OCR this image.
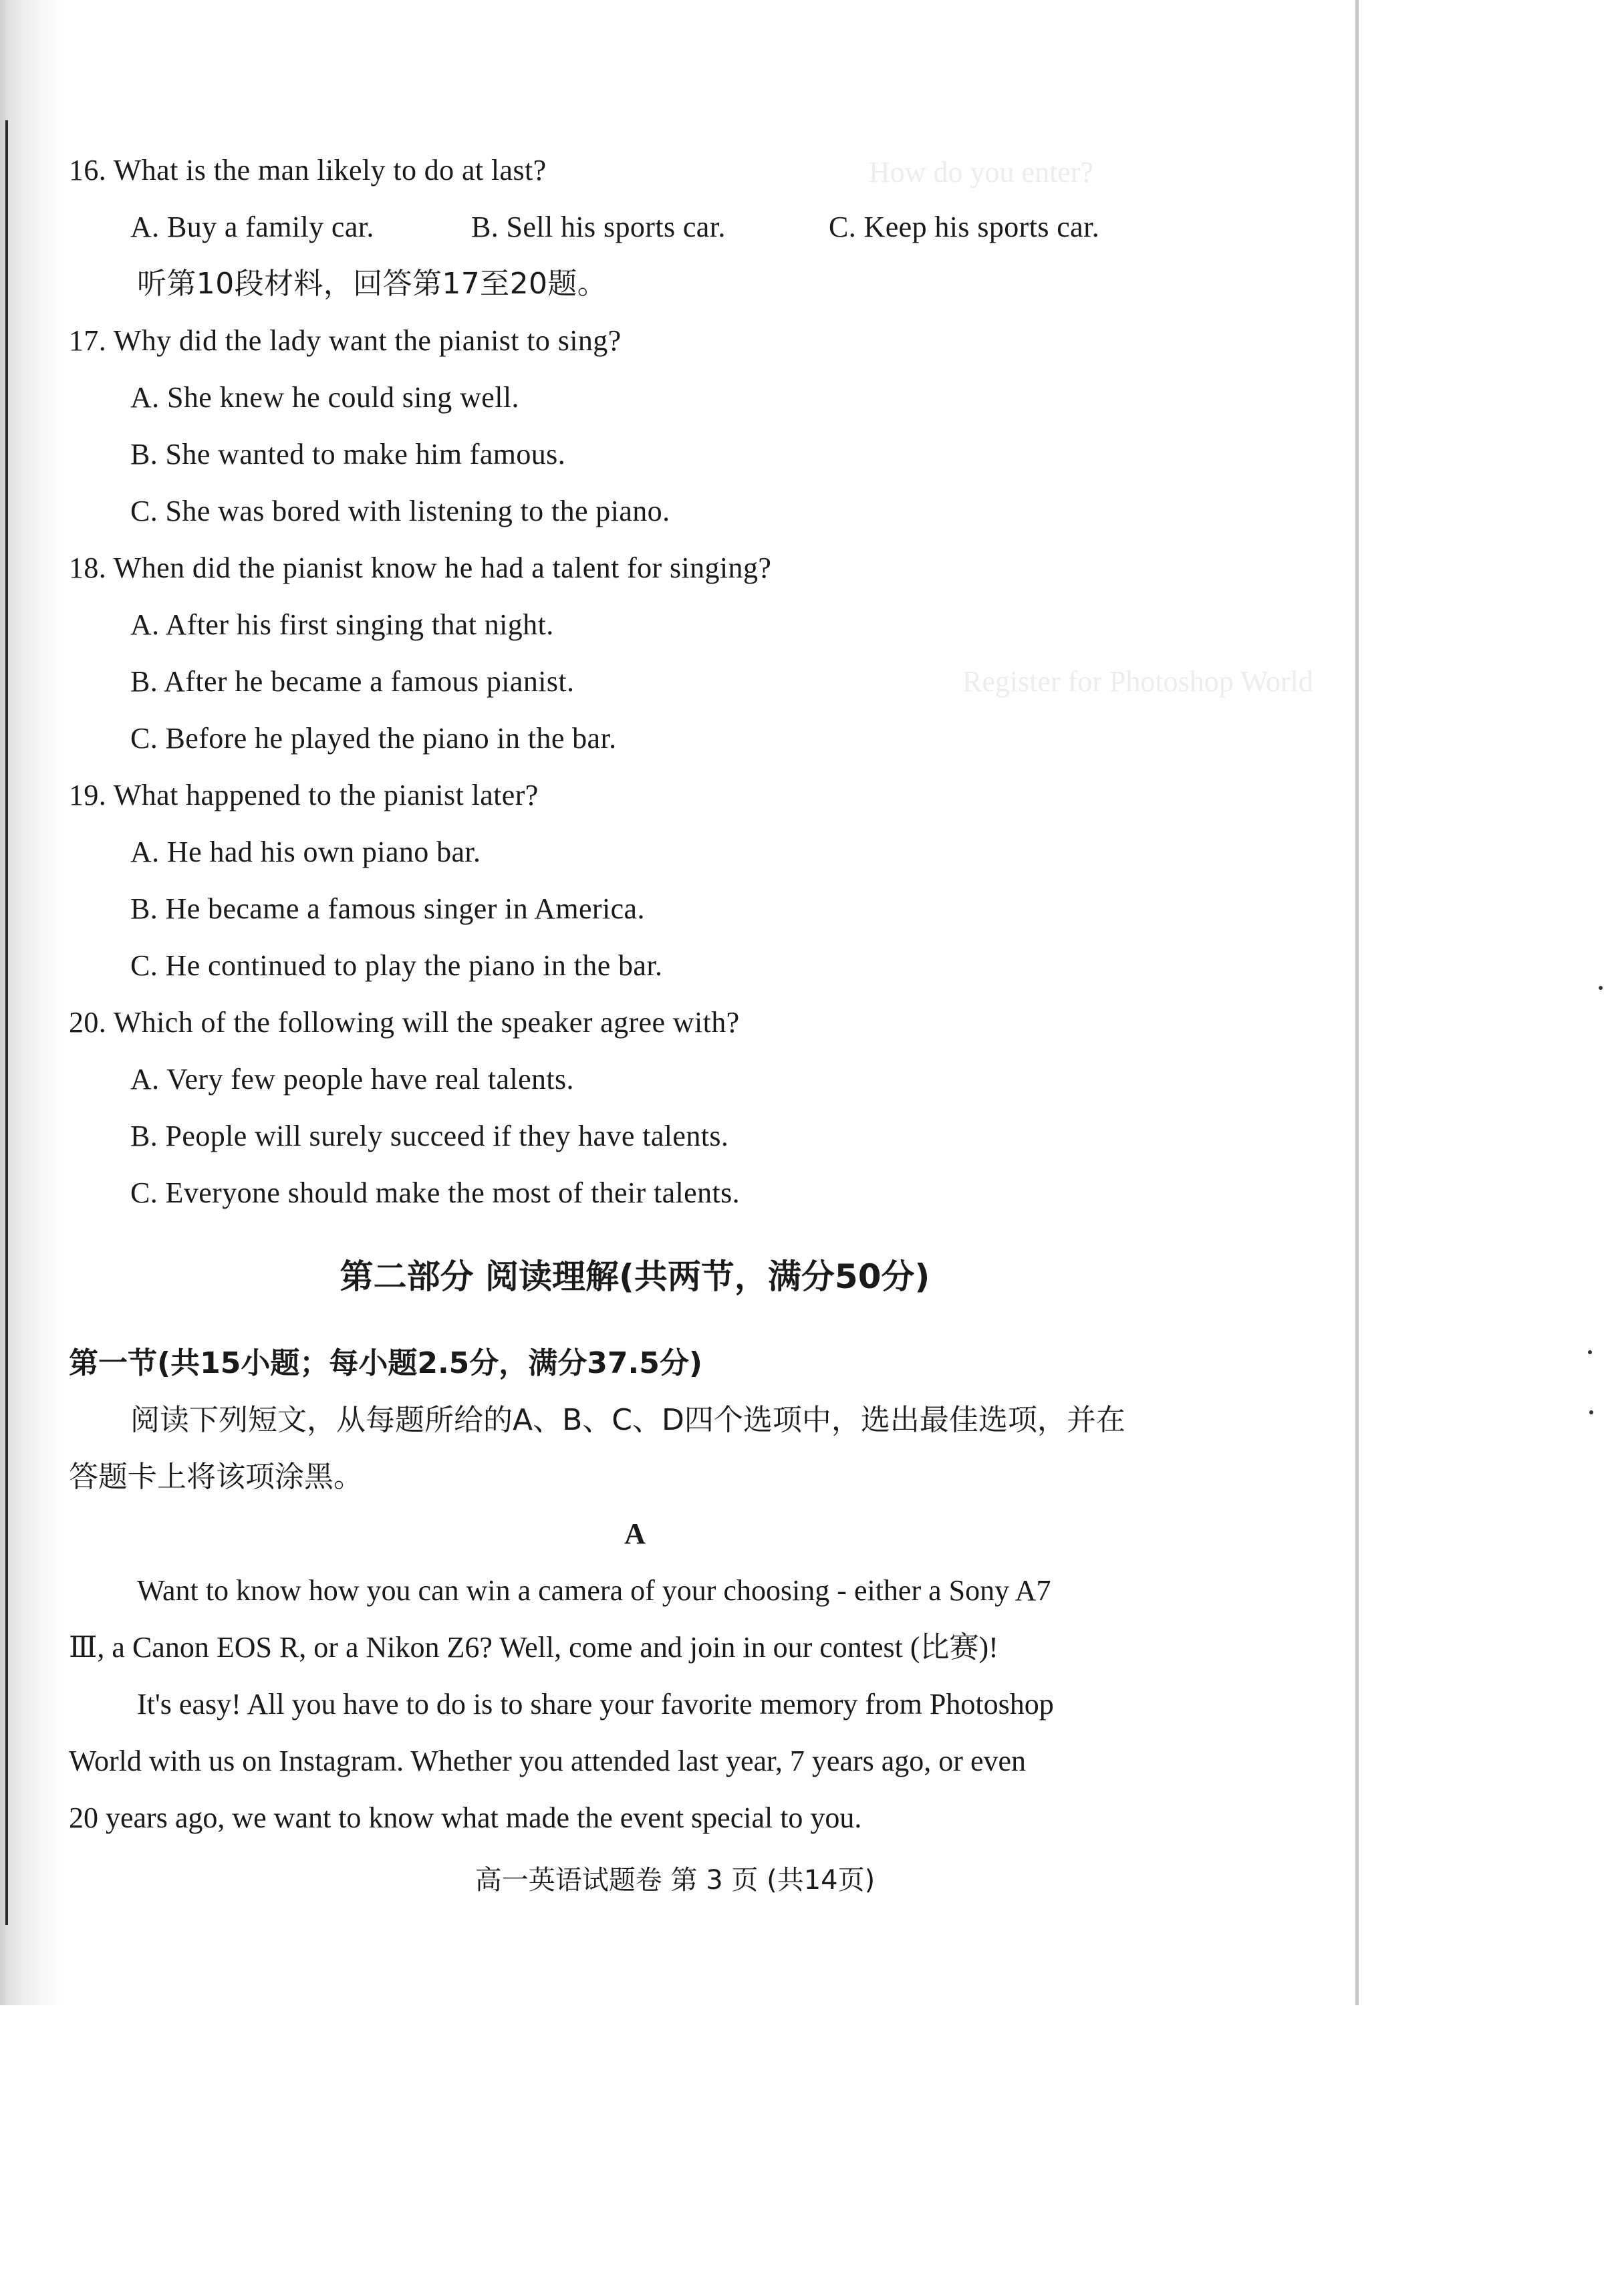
How do you enter?
Register for Photoshop World
16. What is the man likely to do at last?
A. Buy a family car.	B. Sell his sports car.	C. Keep his sports car.
听第10段材料，回答第17至20题。
17. Why did the lady want the pianist to sing?
A. She knew he could sing well.
B. She wanted to make him famous.
C. She was bored with listening to the piano.
18. When did the pianist know he had a talent for singing?
A. After his first singing that night.
B. After he became a famous pianist.
C. Before he played the piano in the bar.
19. What happened to the pianist later?
A. He had his own piano bar.
B. He became a famous singer in America.
C. He continued to play the piano in the bar.
20. Which of the following will the speaker agree with?
A. Very few people have real talents.
B. People will surely succeed if they have talents.
C. Everyone should make the most of their talents.
第二部分 阅读理解(共两节，满分50分)
第一节(共15小题；每小题2.5分，满分37.5分)
阅读下列短文，从每题所给的A、B、C、D四个选项中，选出最佳选项，并在
答题卡上将该项涂黑。
A
Want to know how you can win a camera of your choosing - either a Sony A7
Ⅲ, a Canon EOS R, or a Nikon Z6? Well, come and join in our contest (比赛)!
It's easy! All you have to do is to share your favorite memory from Photoshop
World with us on Instagram. Whether you attended last year, 7 years ago, or even
20 years ago, we want to know what made the event special to you.
高一英语试题卷 第 3 页 (共14页)
